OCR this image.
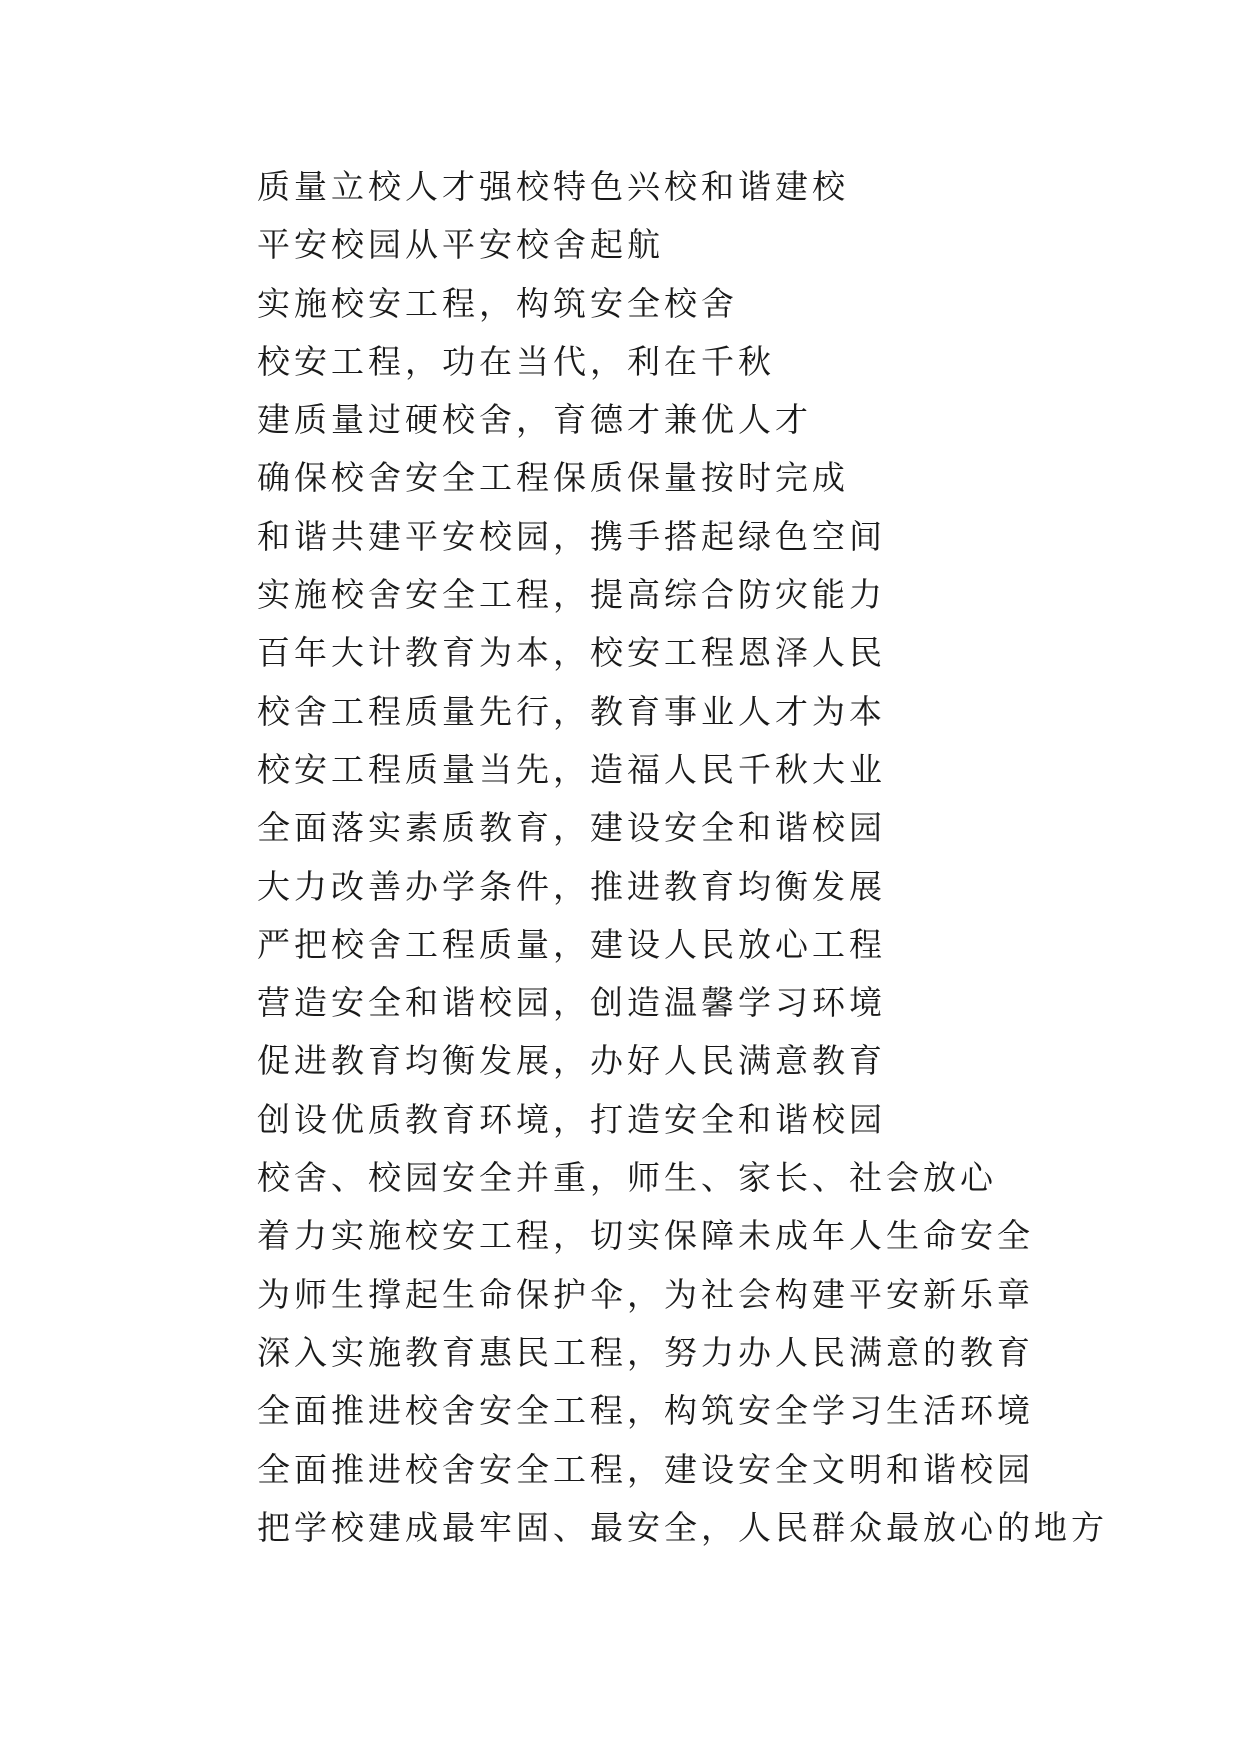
质量立校人才强校特色兴校和谐建校
平安校园从平安校舍起航
实施校安工程，构筑安全校舍
校安工程，功在当代，利在千秋
建质量过硬校舍，育德才兼优人才
确保校舍安全工程保质保量按时完成
和谐共建平安校园，携手搭起绿色空间
实施校舍安全工程，提高综合防灾能力
百年大计教育为本，校安工程恩泽人民
校舍工程质量先行，教育事业人才为本
校安工程质量当先，造福人民千秋大业
全面落实素质教育，建设安全和谐校园
大力改善办学条件，推进教育均衡发展
严把校舍工程质量，建设人民放心工程
营造安全和谐校园，创造温馨学习环境
促进教育均衡发展，办好人民满意教育
创设优质教育环境，打造安全和谐校园
校舍、校园安全并重，师生、家长、社会放心
着力实施校安工程，切实保障未成年人生命安全
为师生撑起生命保护伞，为社会构建平安新乐章
深入实施教育惠民工程，努力办人民满意的教育
全面推进校舍安全工程，构筑安全学习生活环境
全面推进校舍安全工程，建设安全文明和谐校园
把学校建成最牢固、最安全，人民群众最放心的地方
